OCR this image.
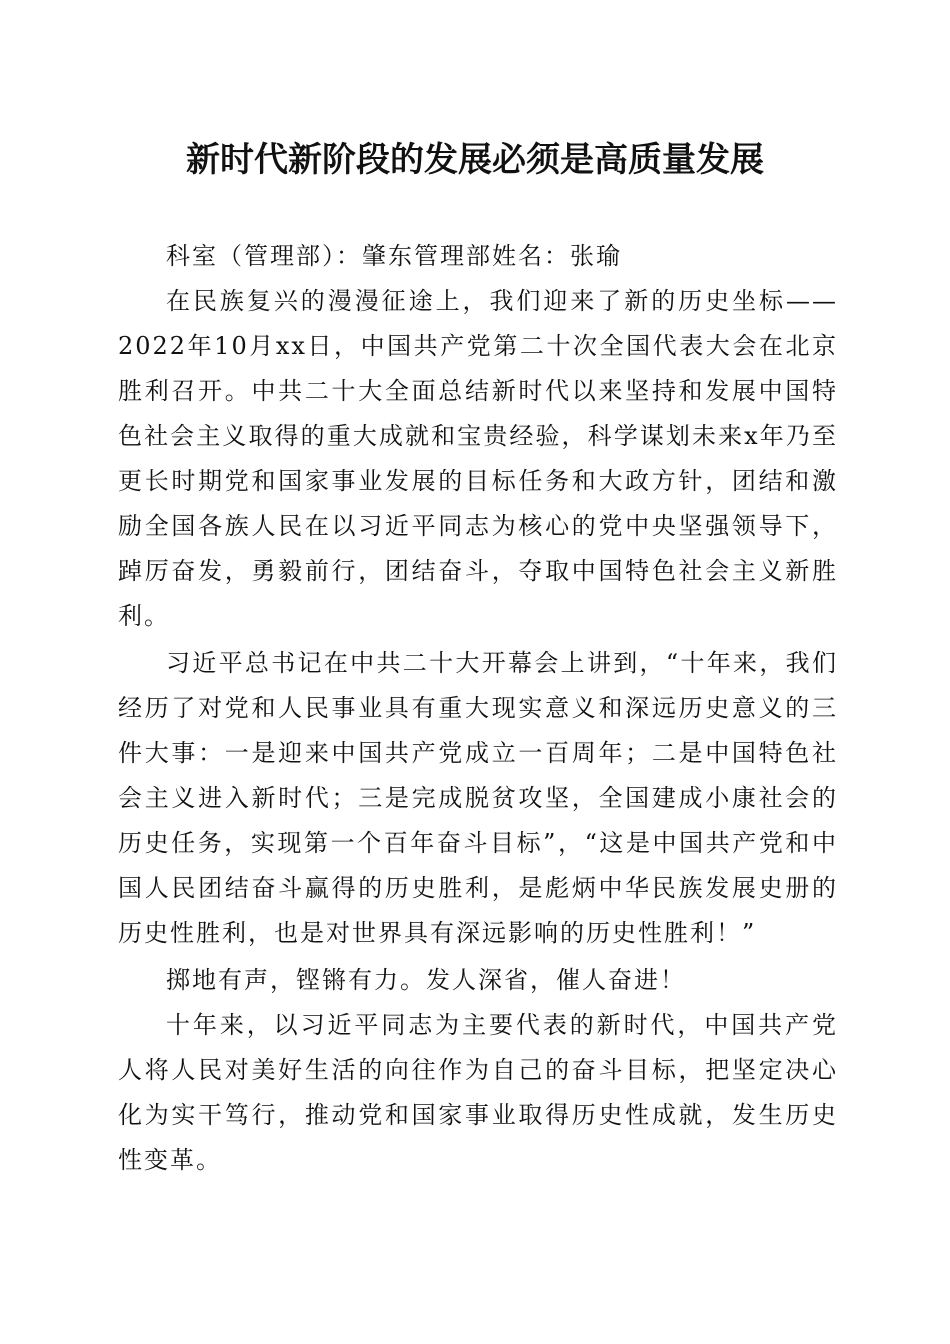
新时代新阶段的发展必须是高质量发展

科室（管理部）：肇东管理部姓名：张瑜

在民族复兴的漫漫征途上，我们迎来了新的历史坐标——2022年10月xx日，中国共产党第二十次全国代表大会在北京胜利召开。中共二十大全面总结新时代以来坚持和发展中国特色社会主义取得的重大成就和宝贵经验，科学谋划未来x年乃至更长时期党和国家事业发展的目标任务和大政方针，团结和激励全国各族人民在以习近平同志为核心的党中央坚强领导下，踔厉奋发，勇毅前行，团结奋斗，夺取中国特色社会主义新胜利。

习近平总书记在中共二十大开幕会上讲到，“十年来，我们经历了对党和人民事业具有重大现实意义和深远历史意义的三件大事：一是迎来中国共产党成立一百周年；二是中国特色社会主义进入新时代；三是完成脱贫攻坚，全国建成小康社会的历史任务，实现第一个百年奋斗目标”，“这是中国共产党和中国人民团结奋斗赢得的历史胜利，是彪炳中华民族发展史册的历史性胜利，也是对世界具有深远影响的历史性胜利！”

掷地有声，铿锵有力。发人深省，催人奋进！

十年来，以习近平同志为主要代表的新时代，中国共产党人将人民对美好生活的向往作为自己的奋斗目标，把坚定决心化为实干笃行，推动党和国家事业取得历史性成就，发生历史性变革。
